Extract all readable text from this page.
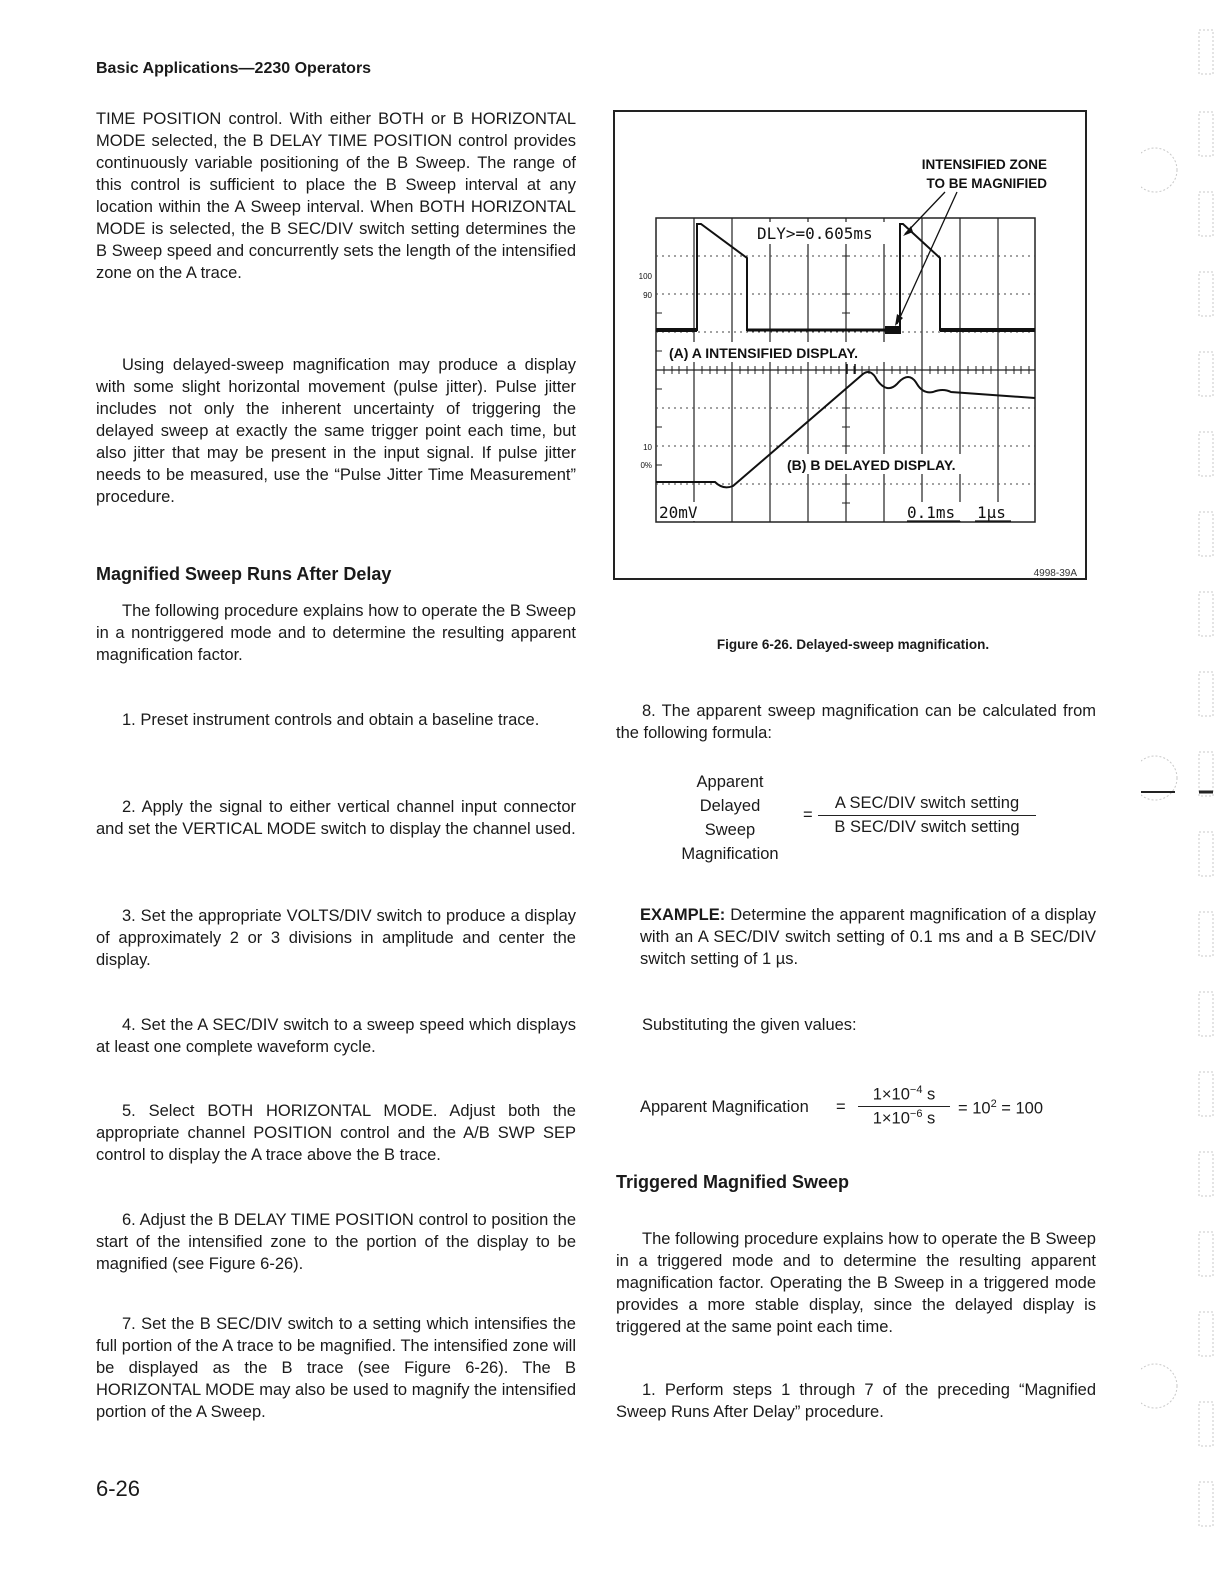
Basic Applications—2230 Operators

TIME POSITION control. With either BOTH or B HORIZONTAL MODE selected, the B DELAY TIME POSITION control provides continuously variable positioning of the B Sweep. The range of this control is sufficient to place the B Sweep interval at any location within the A Sweep interval. When BOTH HORIZONTAL MODE is selected, the B SEC/DIV switch setting determines the B Sweep speed and concurrently sets the length of the intensified zone on the A trace.

Using delayed-sweep magnification may produce a display with some slight horizontal movement (pulse jitter). Pulse jitter includes not only the inherent uncertainty of triggering the delayed sweep at exactly the same trigger point each time, but also jitter that may be present in the input signal. If pulse jitter needs to be measured, use the “Pulse Jitter Time Measurement” procedure.

Magnified Sweep Runs After Delay

The following procedure explains how to operate the B Sweep in a nontriggered mode and to determine the resulting apparent magnification factor.

1. Preset instrument controls and obtain a baseline trace.

2. Apply the signal to either vertical channel input connector and set the VERTICAL MODE switch to display the channel used.

3. Set the appropriate VOLTS/DIV switch to produce a display of approximately 2 or 3 divisions in amplitude and center the display.

4. Set the A SEC/DIV switch to a sweep speed which displays at least one complete waveform cycle.

5. Select BOTH HORIZONTAL MODE. Adjust both the appropriate channel POSITION control and the A/B SWP SEP control to display the A trace above the B trace.

6. Adjust the B DELAY TIME POSITION control to position the start of the intensified zone to the portion of the display to be magnified (see Figure 6-26).

7. Set the B SEC/DIV switch to a setting which intensifies the full portion of the A trace to be magnified. The intensified zone will be displayed as the B trace (see Figure 6-26). The B HORIZONTAL MODE may also be used to magnify the intensified portion of the A Sweep.

INTENSIFIED ZONE
TO BE MAGNIFIED
DLY>=0.605ms
(A) A INTENSIFIED DISPLAY.
(B) B DELAYED DISPLAY.
100
90
10
0%
20mV	0.1ms 1µs
4998-39A
Figure 6-26. Delayed-sweep magnification.

8. The apparent sweep magnification can be calculated from the following formula:

Apparent
Delayed
Sweep
Magnification
=
A SEC/DIV switch setting
B SEC/DIV switch setting

EXAMPLE: Determine the apparent magnification of a display with an A SEC/DIV switch setting of 0.1 ms and a B SEC/DIV switch setting of 1 µs.

Substituting the given values:

Apparent Magnification = $\frac{1\times 10^{-4} s}{1\times 10^{-6} s} = 10^2 = 100$
Triggered Magnified Sweep

The following procedure explains how to operate the B Sweep in a triggered mode and to determine the resulting apparent magnification factor. Operating the B Sweep in a triggered mode provides a more stable display, since the delayed display is triggered at the same point each time.

1. Perform steps 1 through 7 of the preceding “Magnified Sweep Runs After Delay” procedure.

6-26
